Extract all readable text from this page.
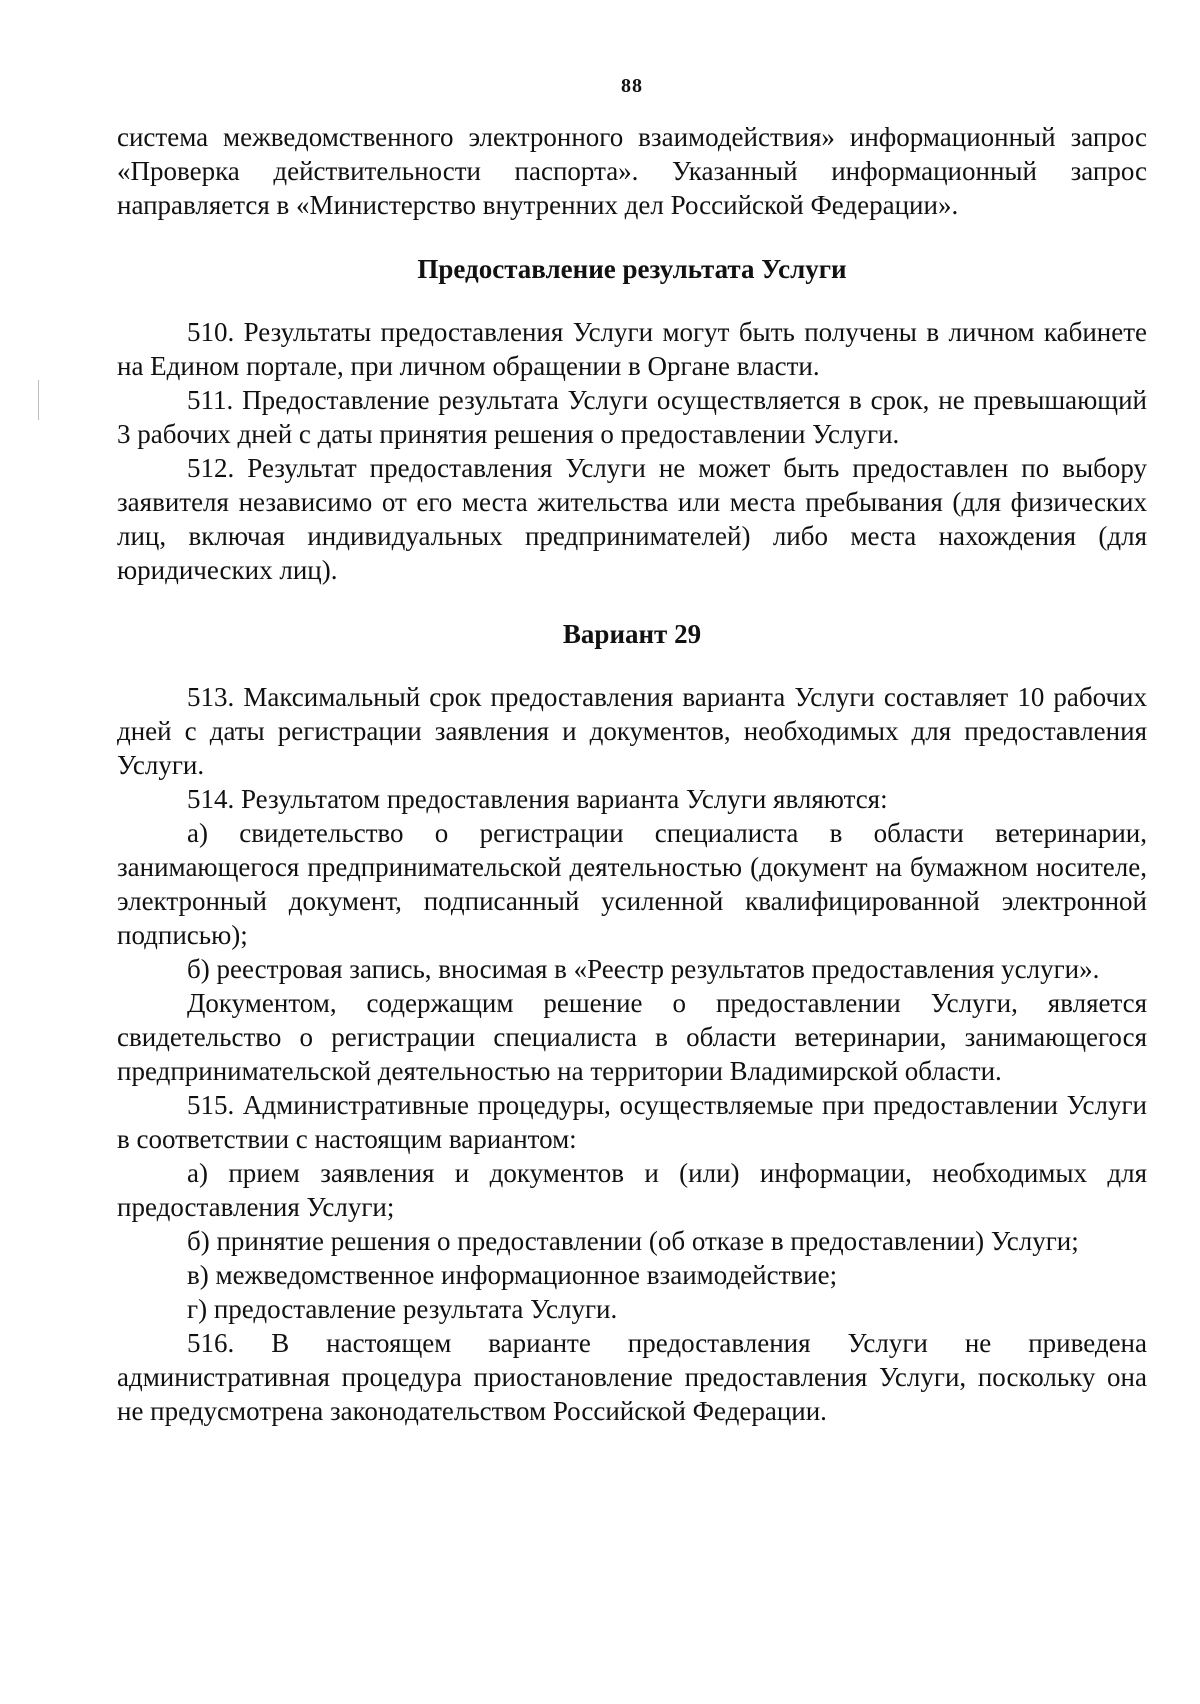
88

система межведомственного электронного взаимодействия» информационный запрос «Проверка действительности паспорта». Указанный информационный запрос направляется в «Министерство внутренних дел Российской Федерации».

Предоставление результата Услуги

510. Результаты предоставления Услуги могут быть получены в личном кабинете на Едином портале, при личном обращении в Органе власти.

511. Предоставление результата Услуги осуществляется в срок, не превышающий 3 рабочих дней с даты принятия решения о предоставлении Услуги.

512. Результат предоставления Услуги не может быть предоставлен по выбору заявителя независимо от его места жительства или места пребывания (для физических лиц, включая индивидуальных предпринимателей) либо места нахождения (для юридических лиц).

Вариант 29

513. Максимальный срок предоставления варианта Услуги составляет 10 рабочих дней с даты регистрации заявления и документов, необходимых для предоставления Услуги.

514. Результатом предоставления варианта Услуги являются:

а) свидетельство о регистрации специалиста в области ветеринарии, занимающегося предпринимательской деятельностью (документ на бумажном носителе, электронный документ, подписанный усиленной квалифицированной электронной подписью);

б) реестровая запись, вносимая в «Реестр результатов предоставления услуги».

Документом, содержащим решение о предоставлении Услуги, является свидетельство о регистрации специалиста в области ветеринарии, занимающегося предпринимательской деятельностью на территории Владимирской области.

515. Административные процедуры, осуществляемые при предоставлении Услуги в соответствии с настоящим вариантом:

а) прием заявления и документов и (или) информации, необходимых для предоставления Услуги;

б) принятие решения о предоставлении (об отказе в предоставлении) Услуги;

в) межведомственное информационное взаимодействие;

г) предоставление результата Услуги.

516. В настоящем варианте предоставления Услуги не приведена административная процедура приостановление предоставления Услуги, поскольку она не предусмотрена законодательством Российской Федерации.
